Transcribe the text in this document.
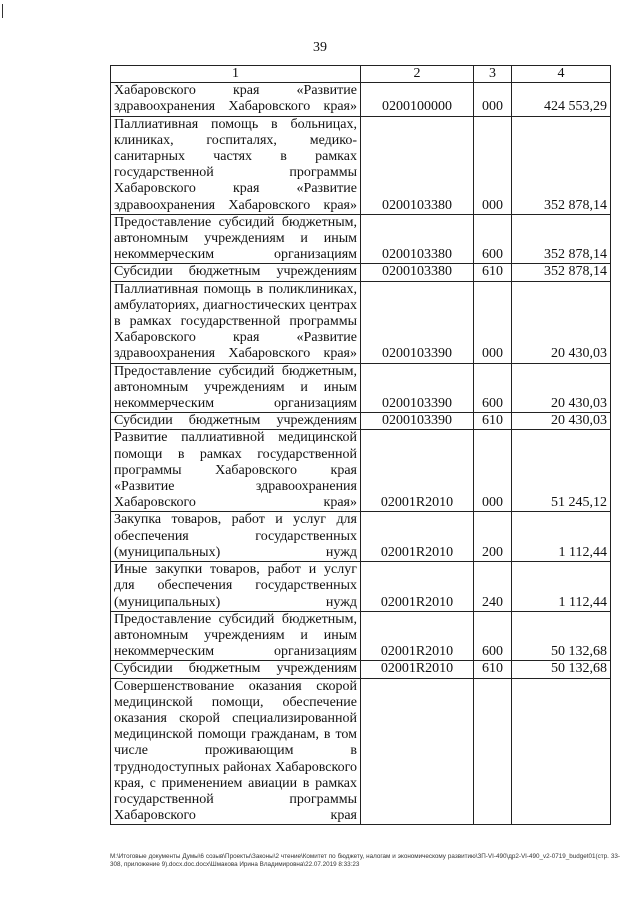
39
1	2	3	4
Хабаровского края «Развитие здравоохранения Хабаровского края»	0200100000	000	424 553,29
Паллиативная помощь в больницах, клиниках, госпиталях, медико-санитарных частях в рамках государственной программы Хабаровского края «Развитие здравоохранения Хабаровского края»	0200103380	000	352 878,14
Предоставление субсидий бюджетным, автономным учреждениям и иным некоммерческим организациям	0200103380	600	352 878,14
Субсидии бюджетным учреждениям	0200103380	610	352 878,14
Паллиативная помощь в поликлиниках, амбулаториях, диагностических центрах в рамках государственной программы Хабаровского края «Развитие здравоохранения Хабаровского края»	0200103390	000	20 430,03
Предоставление субсидий бюджетным, автономным учреждениям и иным некоммерческим организациям	0200103390	600	20 430,03
Субсидии бюджетным учреждениям	0200103390	610	20 430,03
Развитие паллиативной медицинской помощи в рамках государственной программы Хабаровского края «Развитие здравоохранения Хабаровского края»	02001R2010	000	51 245,12
Закупка товаров, работ и услуг для обеспечения государственных (муниципальных) нужд	02001R2010	200	1 112,44
Иные закупки товаров, работ и услуг для обеспечения государственных (муниципальных) нужд	02001R2010	240	1 112,44
Предоставление субсидий бюджетным, автономным учреждениям и иным некоммерческим организациям	02001R2010	600	50 132,68
Субсидии бюджетным учреждениям	02001R2010	610	50 132,68
Совершенствование оказания скорой медицинской помощи, обеспечение оказания скорой специализированной медицинской помощи гражданам, в том числе проживающим в труднодоступных районах Хабаровского края, с применением авиации в рамках государственной программы Хабаровского края			
M:\Итоговые документы Думы\6 созыв\Проекты\Законы\2 чтение\Комитет по бюджету, налогам и экономическому развитию\ЗП-VI-490\др2-VI-490_v2-0719_budget01(стр. 33-308, приложение 9).docx.doc.docx\Шмакова Ирина Владимировна\22.07.2019 8:33:23
